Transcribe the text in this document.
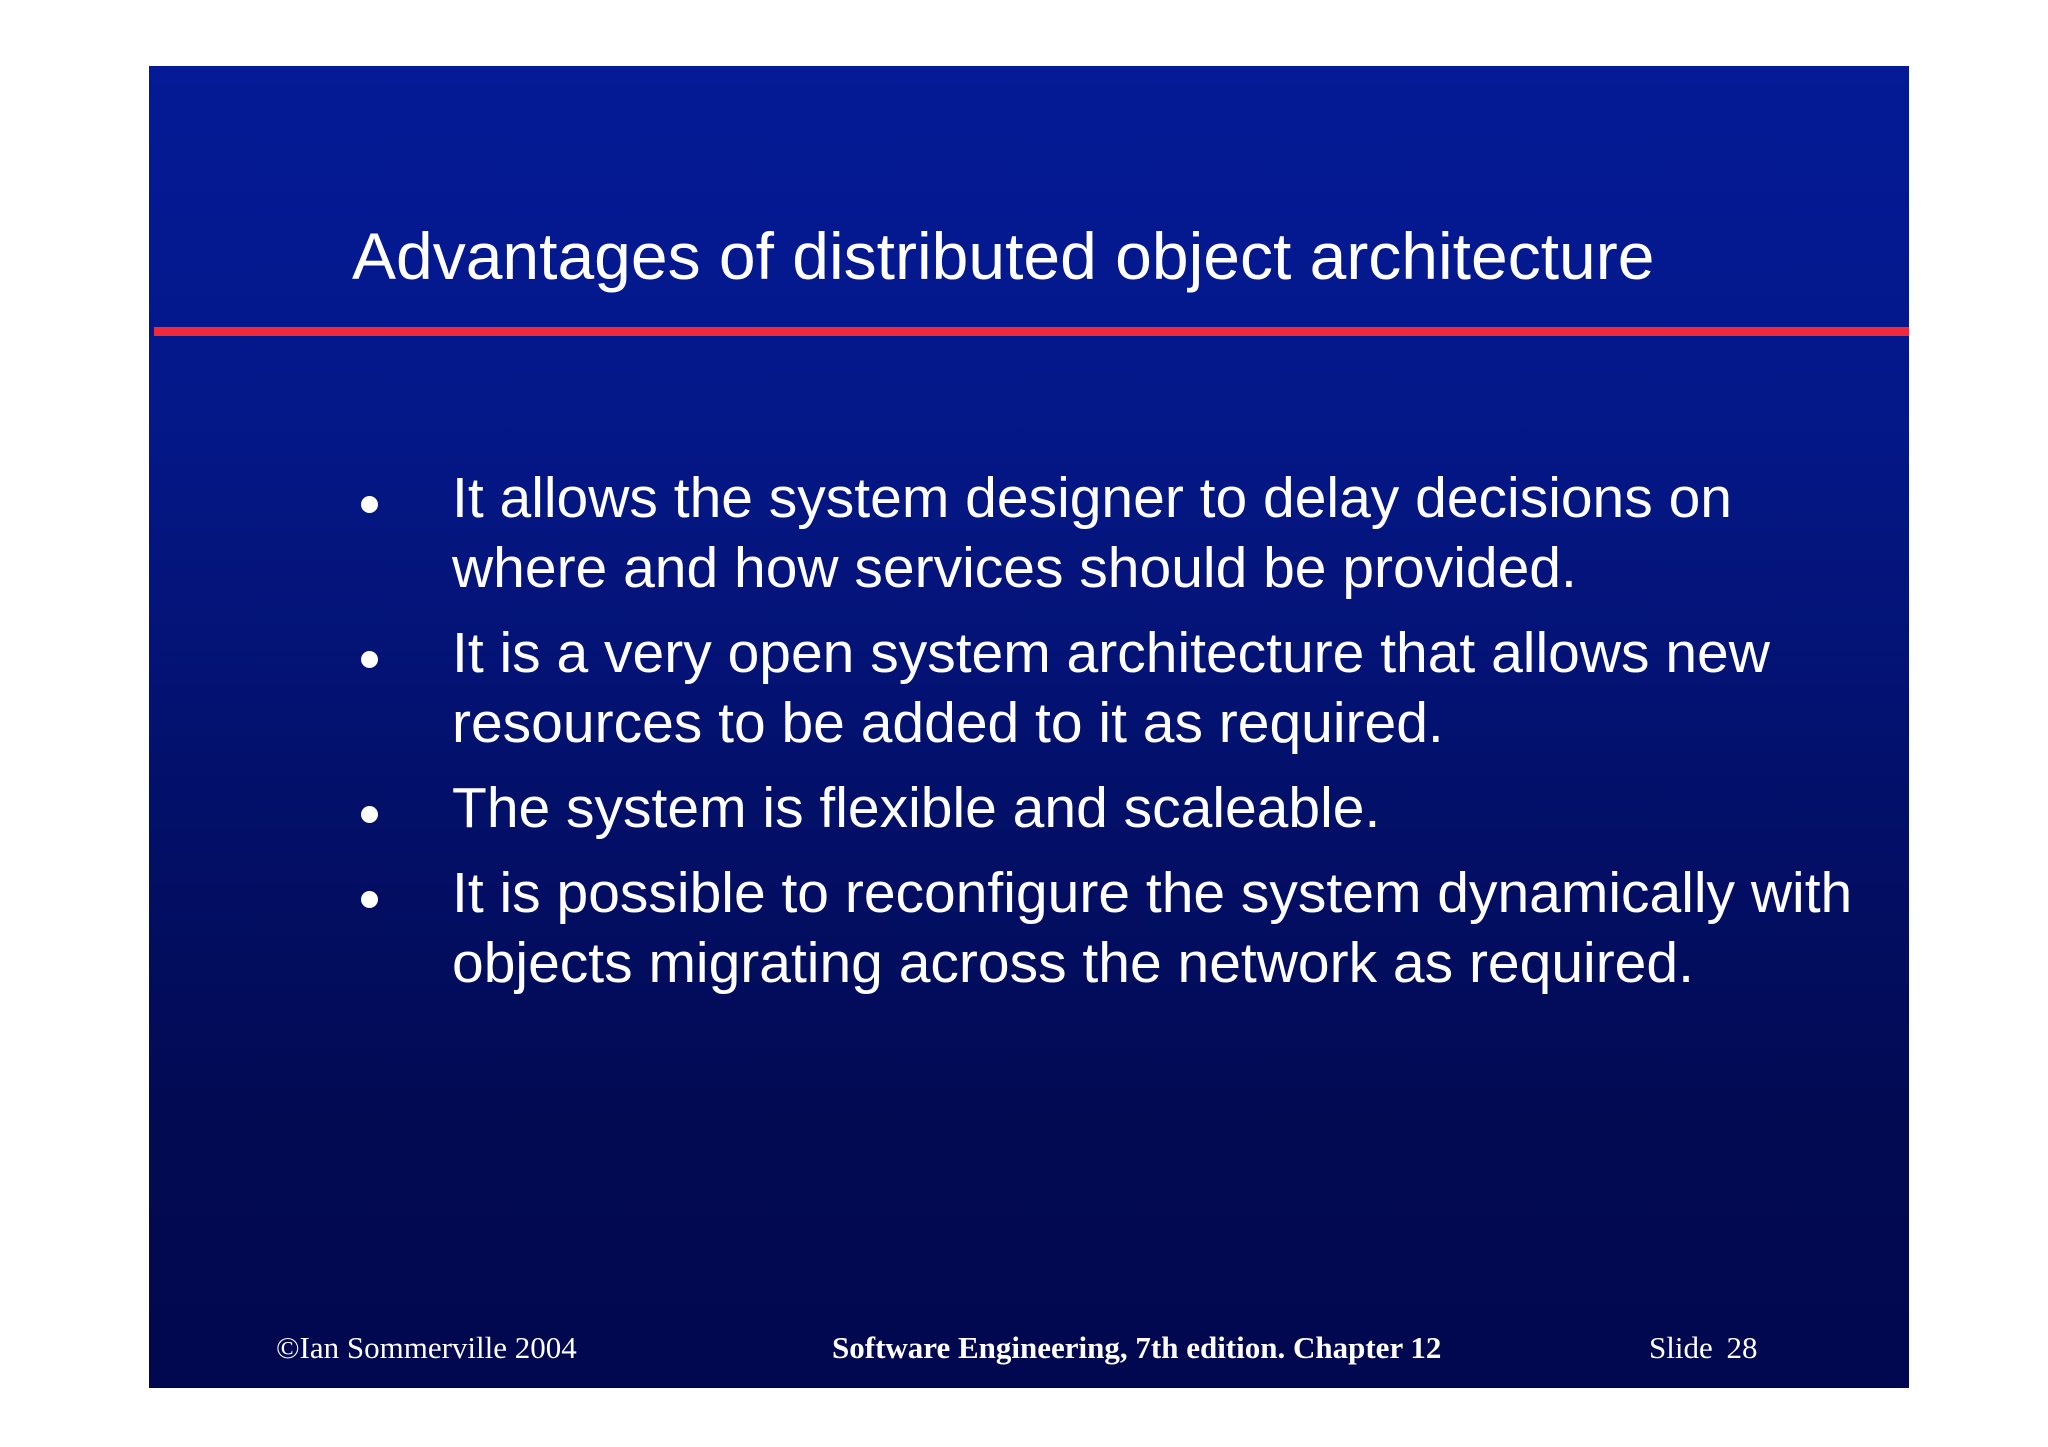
Advantages of distributed object architecture
It allows the system designer to delay decisions on where and how services should be provided.
It is a very open system architecture that allows new resources to be added to it as required.
The system is flexible and scaleable.
It is possible to reconfigure the system dynamically with objects migrating across the network as required.
©Ian Sommerville 2004	Software Engineering, 7th edition. Chapter 12	Slide 28
